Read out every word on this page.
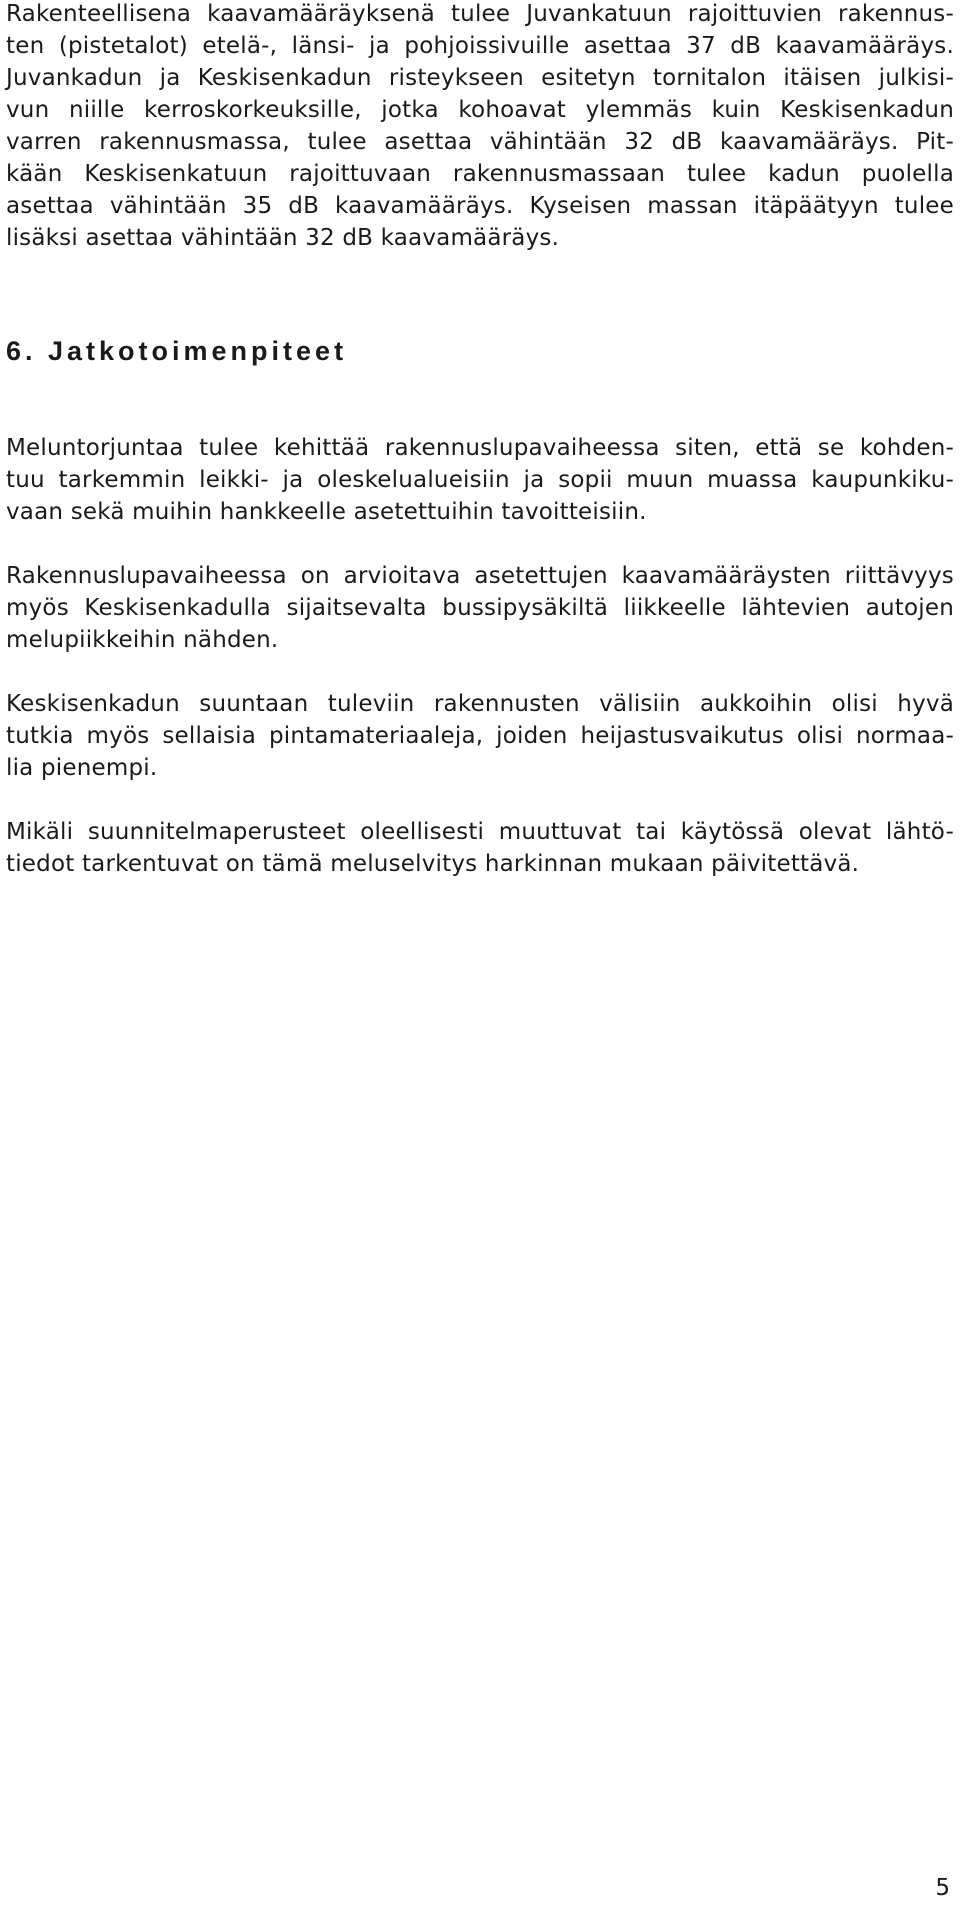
Rakenteellisena kaavamääräyksenä tulee Juvankatuun rajoittuvien rakennus-
ten (pistetalot) etelä-, länsi- ja pohjoissivuille asettaa 37 dB kaavamääräys.
Juvankadun ja Keskisenkadun risteykseen esitetyn tornitalon itäisen julkisi-
vun niille kerroskorkeuksille, jotka kohoavat ylemmäs kuin Keskisenkadun
varren rakennusmassa, tulee asettaa vähintään 32 dB kaavamääräys. Pit-
kään Keskisenkatuun rajoittuvaan rakennusmassaan tulee kadun puolella
asettaa vähintään 35 dB kaavamääräys. Kyseisen massan itäpäätyyn tulee
lisäksi asettaa vähintään 32 dB kaavamääräys.
6. Jatkotoimenpiteet
Meluntorjuntaa tulee kehittää rakennuslupavaiheessa siten, että se kohden-
tuu tarkemmin leikki- ja oleskelualueisiin ja sopii muun muassa kaupunkiku-
vaan sekä muihin hankkeelle asetettuihin tavoitteisiin.
Rakennuslupavaiheessa on arvioitava asetettujen kaavamääräysten riittävyys
myös Keskisenkadulla sijaitsevalta bussipysäkiltä liikkeelle lähtevien autojen
melupiikkeihin nähden.
Keskisenkadun suuntaan tuleviin rakennusten välisiin aukkoihin olisi hyvä
tutkia myös sellaisia pintamateriaaleja, joiden heijastusvaikutus olisi normaa-
lia pienempi.
Mikäli suunnitelmaperusteet oleellisesti muuttuvat tai käytössä olevat lähtö-
tiedot tarkentuvat on tämä meluselvitys harkinnan mukaan päivitettävä.
5
